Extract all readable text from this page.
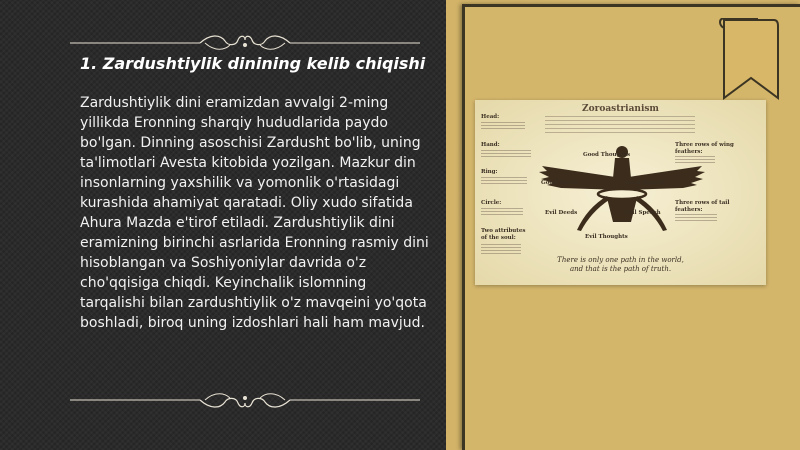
1. Zardushtiylik dinining kelib chiqishi
Zardushtiylik dini eramizdan avvalgi 2-ming yillikda Eronning sharqiy hududlarida paydo bo'lgan. Dinning asoschisi Zardusht bo'lib, uning ta'limotlari Avesta kitobida yozilgan. Mazkur din insonlarning yaxshilik va yomonlik o'rtasidagi kurashida ahamiyat qaratadi. Oliy xudo sifatida Ahura Mazda e'tirof etiladi. Zardushtiylik dini eramizning birinchi asrlarida Eronning rasmiy dini hisoblangan va Soshiyoniylar davrida o'z cho'qqisiga chiqdi. Keyinchalik islomning tarqalishi bilan zardushtiylik o'z mavqeini yo'qota boshladi, biroq uning izdoshlari hali ham mavjud.
Zoroastrianism
Head:
Hand:
Ring:
Circle:
Two attributes of the soul:
Three rows of wing feathers:
Three rows of tail feathers:
Good Thoughts
Good Words	Good Speech
Evil Deeds	Evil Speech
Evil Thoughts
There is only one path in the world,
and that is the path of truth.
